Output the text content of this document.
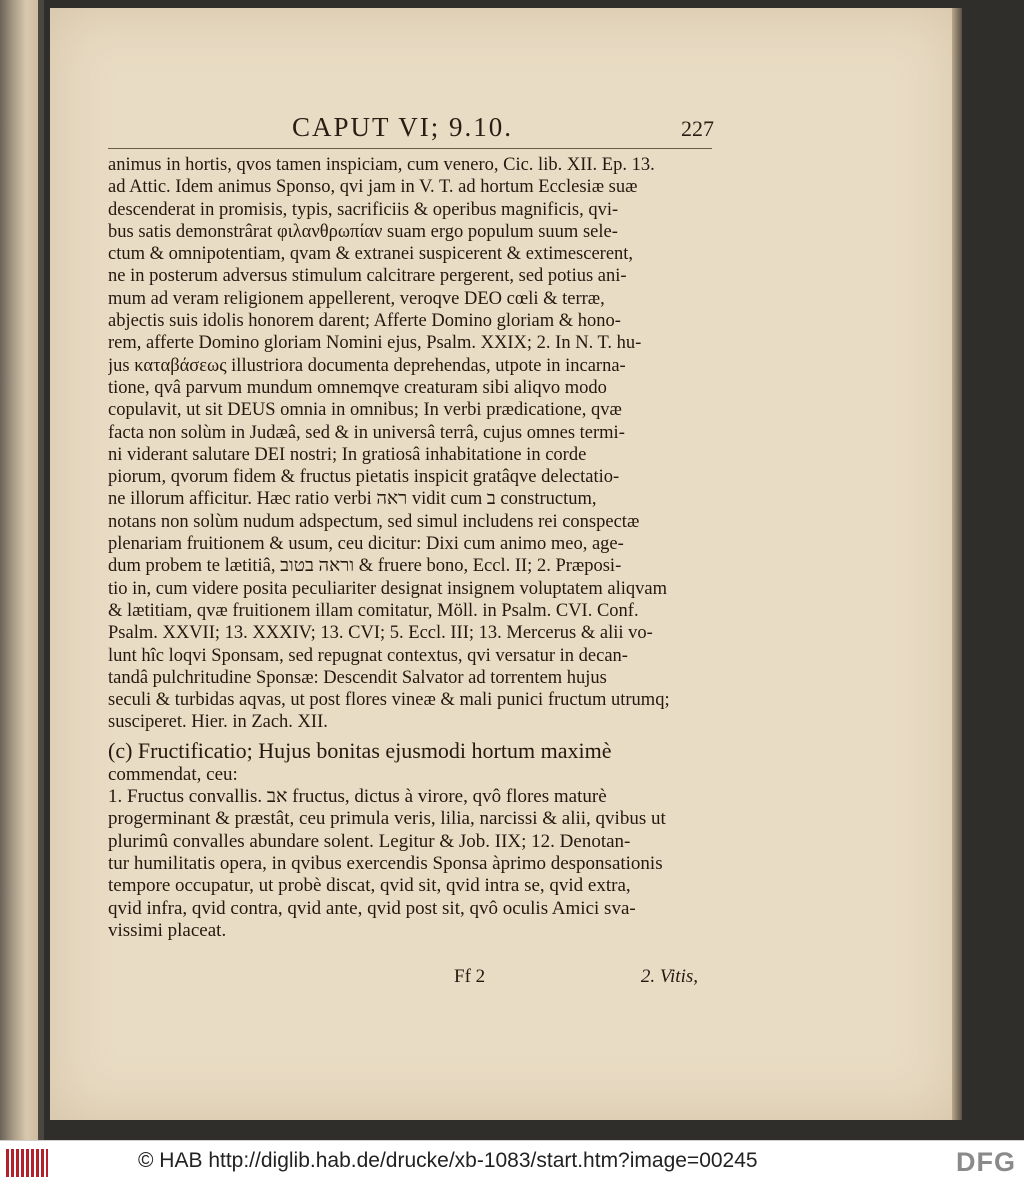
CAPUT VI; 9.10.	227
animus in hortis, qvos tamen inspiciam, cum venero, Cic. lib. XII. Ep. 13.
ad Attic. Idem animus Sponso, qvi jam in V. T. ad hortum Ecclesiæ suæ
descenderat in promisis, typis, sacrificiis & operibus magnificis, qvi-
bus satis demonstrârat φιλανθρωπίαν suam ergo populum suum sele-
ctum & omnipotentiam, qvam & extranei suspicerent & extimescerent,
ne in posterum adversus stimulum calcitrare pergerent, sed potius ani-
mum ad veram religionem appellerent, veroqve DEO cœli & terræ,
abjectis suis idolis honorem darent; Afferte Domino gloriam & hono-
rem, afferte Domino gloriam Nomini ejus, Psalm. XXIX; 2. In N. T. hu-
jus καταβάσεως illustriora documenta deprehendas, utpote in incarna-
tione, qvâ parvum mundum omnemqve creaturam sibi aliqvo modo
copulavit, ut sit DEUS omnia in omnibus; In verbi prædicatione, qvæ
facta non solùm in Judæâ, sed & in universâ terrâ, cujus omnes termi-
ni viderant salutare DEI nostri; In gratiosâ inhabitatione in corde
piorum, qvorum fidem & fructus pietatis inspicit gratâqve delectatio-
ne illorum afficitur. Hæc ratio verbi ראה vidit cum ב constructum,
notans non solùm nudum adspectum, sed simul includens rei conspectæ
plenariam fruitionem & usum, ceu dicitur: Dixi cum animo meo, age-
dum probem te lætitiâ, וראה בטוב & fruere bono, Eccl. II; 2. Præposi-
tio in, cum videre posita peculiariter designat insignem voluptatem aliqvam
& lætitiam, qvæ fruitionem illam comitatur, Möll. in Psalm. CVI. Conf.
Psalm. XXVII; 13. XXXIV; 13. CVI; 5. Eccl. III; 13. Mercerus & alii vo-
lunt hîc loqvi Sponsam, sed repugnat contextus, qvi versatur in decan-
tandâ pulchritudine Sponsæ: Descendit Salvator ad torrentem hujus
seculi & turbidas aqvas, ut post flores vineæ & mali punici fructum utrumq;
susciperet. Hier. in Zach. XII.
(c) Fructificatio; Hujus bonitas ejusmodi hortum maximè
commendat, ceu:
1. Fructus convallis. אב fructus, dictus à virore, qvô flores maturè
progerminant & præstât, ceu primula veris, lilia, narcissi & alii, qvibus ut
plurimû convalles abundare solent. Legitur & Job. IIX; 12. Denotan-
tur humilitatis opera, in qvibus exercendis Sponsa àprimo desponsationis
tempore occupatur, ut probè discat, qvid sit, qvid intra se, qvid extra,
qvid infra, qvid contra, qvid ante, qvid post sit, qvô oculis Amici sva-
vissimi placeat.
Ff 2	2. Vitis,
© HAB http://diglib.hab.de/drucke/xb-1083/start.htm?image=00245	DFG
